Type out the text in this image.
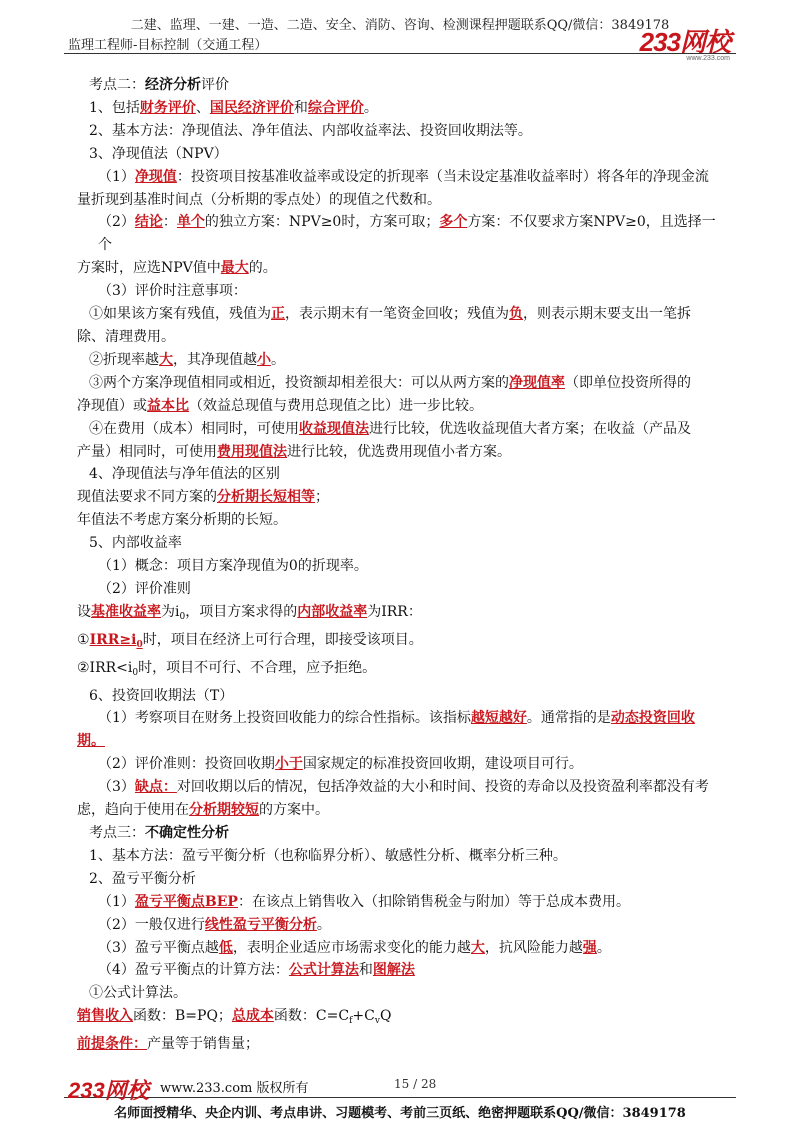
二建、监理、一建、一造、二造、安全、消防、咨询、检测课程押题联系QQ/微信：3849178
监理工程师-目标控制（交通工程）	233网校
www.233.com

考点二：经济分析评价

1、包括财务评价、国民经济评价和综合评价。

2、基本方法：净现值法、净年值法、内部收益率法、投资回收期法等。

3、净现值法（NPV）

（1）净现值：投资项目按基准收益率或设定的折现率（当未设定基准收益率时）将各年的净现金流

量折现到基准时间点（分析期的零点处）的现值之代数和。

（2）结论：单个的独立方案：NPV≥0时，方案可取；多个方案：不仅要求方案NPV≥0，且选择一个

方案时，应选NPV值中最大的。

（3）评价时注意事项：

①如果该方案有残值，残值为正，表示期末有一笔资金回收；残值为负，则表示期末要支出一笔拆

除、清理费用。

②折现率越大，其净现值越小。

③两个方案净现值相同或相近，投资额却相差很大：可以从两方案的净现值率（即单位投资所得的

净现值）或益本比（效益总现值与费用总现值之比）进一步比较。

④在费用（成本）相同时，可使用收益现值法进行比较，优选收益现值大者方案；在收益（产品及

产量）相同时，可使用费用现值法进行比较，优选费用现值小者方案。

4、净现值法与净年值法的区别

现值法要求不同方案的分析期长短相等；

年值法不考虑方案分析期的长短。

5、内部收益率

（1）概念：项目方案净现值为0的折现率。

（2）评价准则

设基准收益率为$i_0$，项目方案求得的内部收益率为IRR：

$①IRR\ge i_0$时，项目在经济上可行合理，即接受该项目。

$②IRR<i_0$时，项目不可行、不合理，应予拒绝。

6、投资回收期法（T）

（1）考察项目在财务上投资回收能力的综合性指标。该指标越短越好。通常指的是动态投资回收

期。

（2）评价准则：投资回收期小于国家规定的标准投资回收期，建设项目可行。

（3）缺点：对回收期以后的情况，包括净效益的大小和时间、投资的寿命以及投资盈利率都没有考

虑，趋向于使用在分析期较短的方案中。

考点三：不确定性分析

1、基本方法：盈亏平衡分析（也称临界分析）、敏感性分析、概率分析三种。

2、盈亏平衡分析

（1）盈亏平衡点BEP：在该点上销售收入（扣除销售税金与附加）等于总成本费用。

（2）一般仅进行线性盈亏平衡分析。

（3）盈亏平衡点越低，表明企业适应市场需求变化的能力越大，抗风险能力越强。

（4）盈亏平衡点的计算方法：公式计算法和图解法

①公式计算法。

销售收入函数：B=PQ；总成本函数：$C=C_f+C_vQ$

前提条件：产量等于销售量；

233网校 www.233.com 版权所有	15 / 28
名师面授精华、央企内训、考点串讲、习题模考、考前三页纸、绝密押题联系QQ/微信：3849178
